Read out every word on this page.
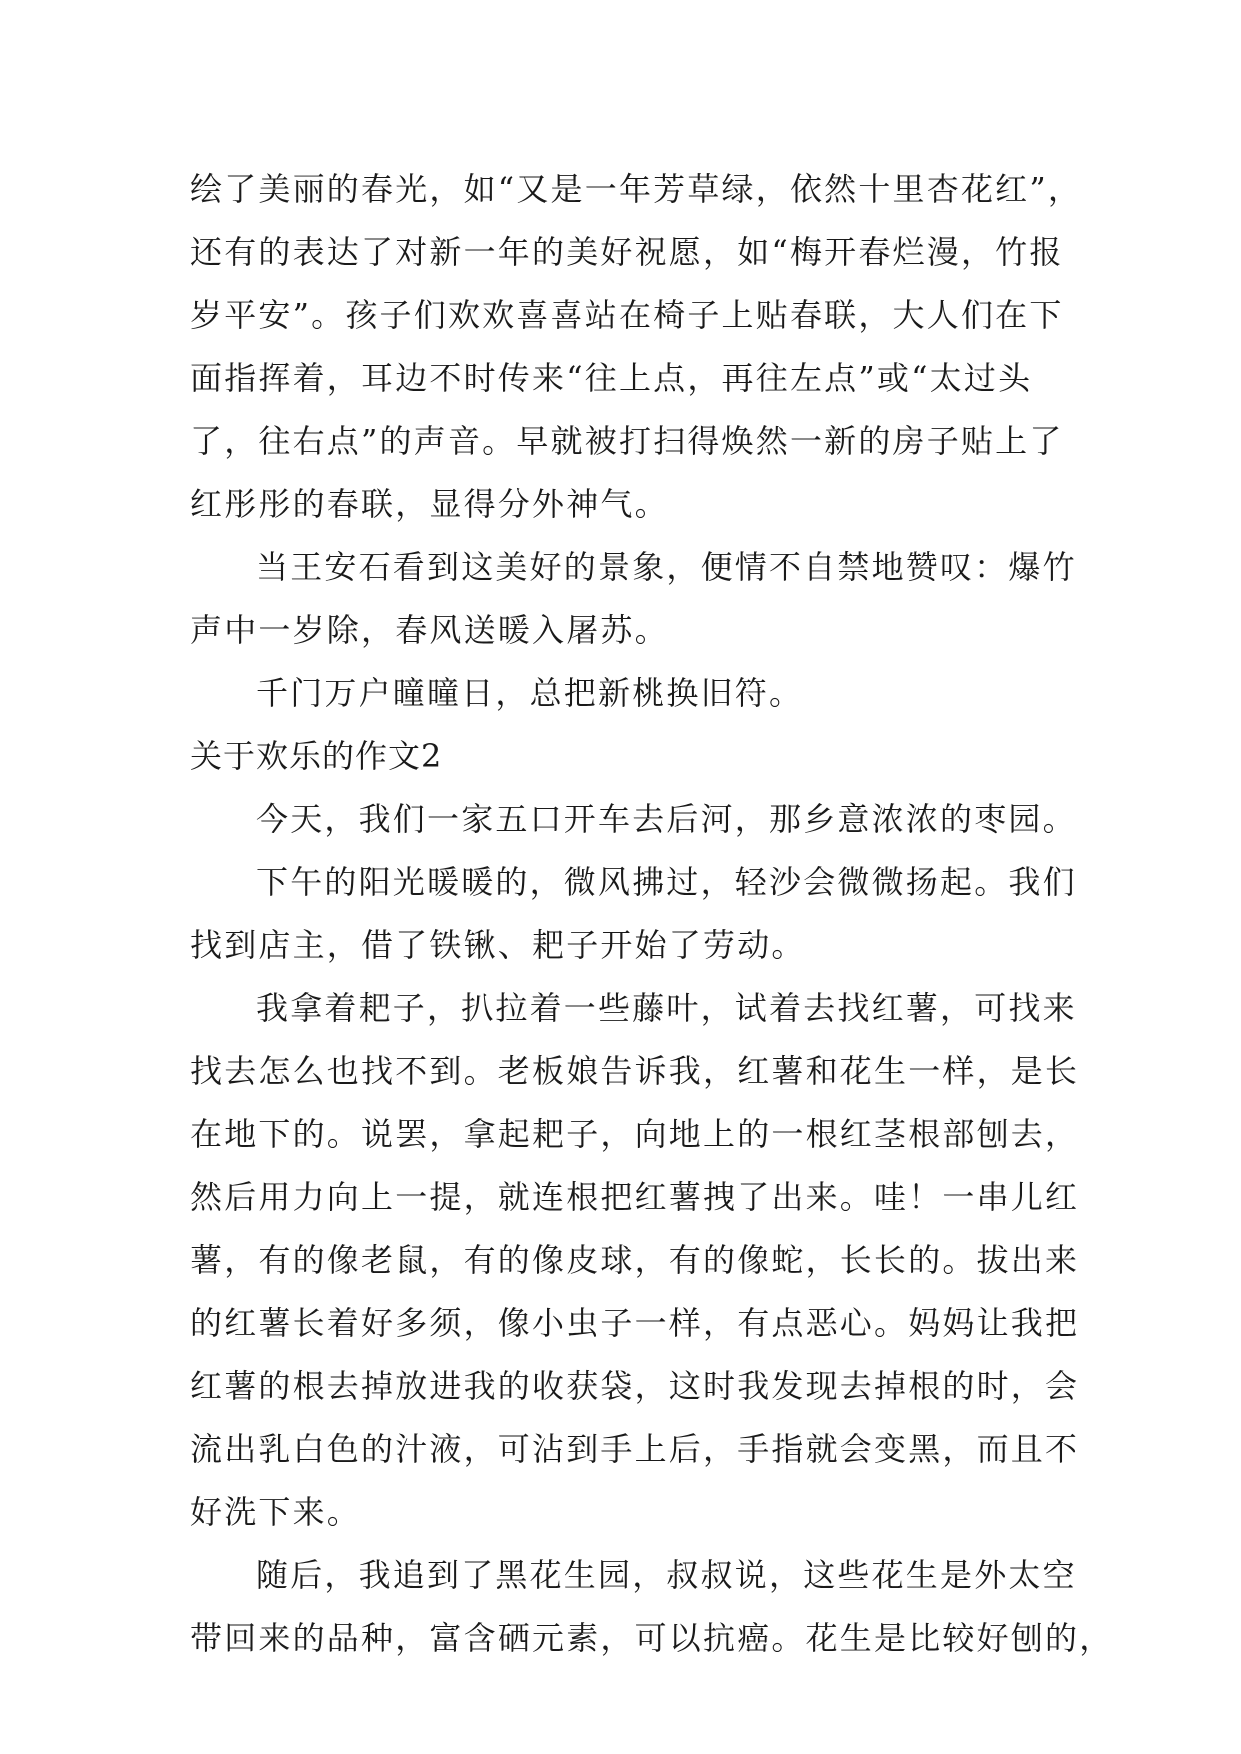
绘了美丽的春光，如“又是一年芳草绿，依然十里杏花红”，
还有的表达了对新一年的美好祝愿，如“梅开春烂漫，竹报
岁平安”。孩子们欢欢喜喜站在椅子上贴春联，大人们在下
面指挥着，耳边不时传来“往上点，再往左点”或“太过头
了，往右点”的声音。早就被打扫得焕然一新的房子贴上了
红彤彤的春联，显得分外神气。
当王安石看到这美好的景象，便情不自禁地赞叹：爆竹
声中一岁除，春风送暖入屠苏。
千门万户曈曈日，总把新桃换旧符。
关于欢乐的作文2
今天，我们一家五口开车去后河，那乡意浓浓的枣园。
下午的阳光暖暖的，微风拂过，轻沙会微微扬起。我们
找到店主，借了铁锹、耙子开始了劳动。
我拿着耙子，扒拉着一些藤叶，试着去找红薯，可找来
找去怎么也找不到。老板娘告诉我，红薯和花生一样，是长
在地下的。说罢，拿起耙子，向地上的一根红茎根部刨去，
然后用力向上一提，就连根把红薯拽了出来。哇！一串儿红
薯，有的像老鼠，有的像皮球，有的像蛇，长长的。拔出来
的红薯长着好多须，像小虫子一样，有点恶心。妈妈让我把
红薯的根去掉放进我的收获袋，这时我发现去掉根的时，会
流出乳白色的汁液，可沾到手上后，手指就会变黑，而且不
好洗下来。
随后，我追到了黑花生园，叔叔说，这些花生是外太空
带回来的品种，富含硒元素，可以抗癌。花生是比较好刨的，
